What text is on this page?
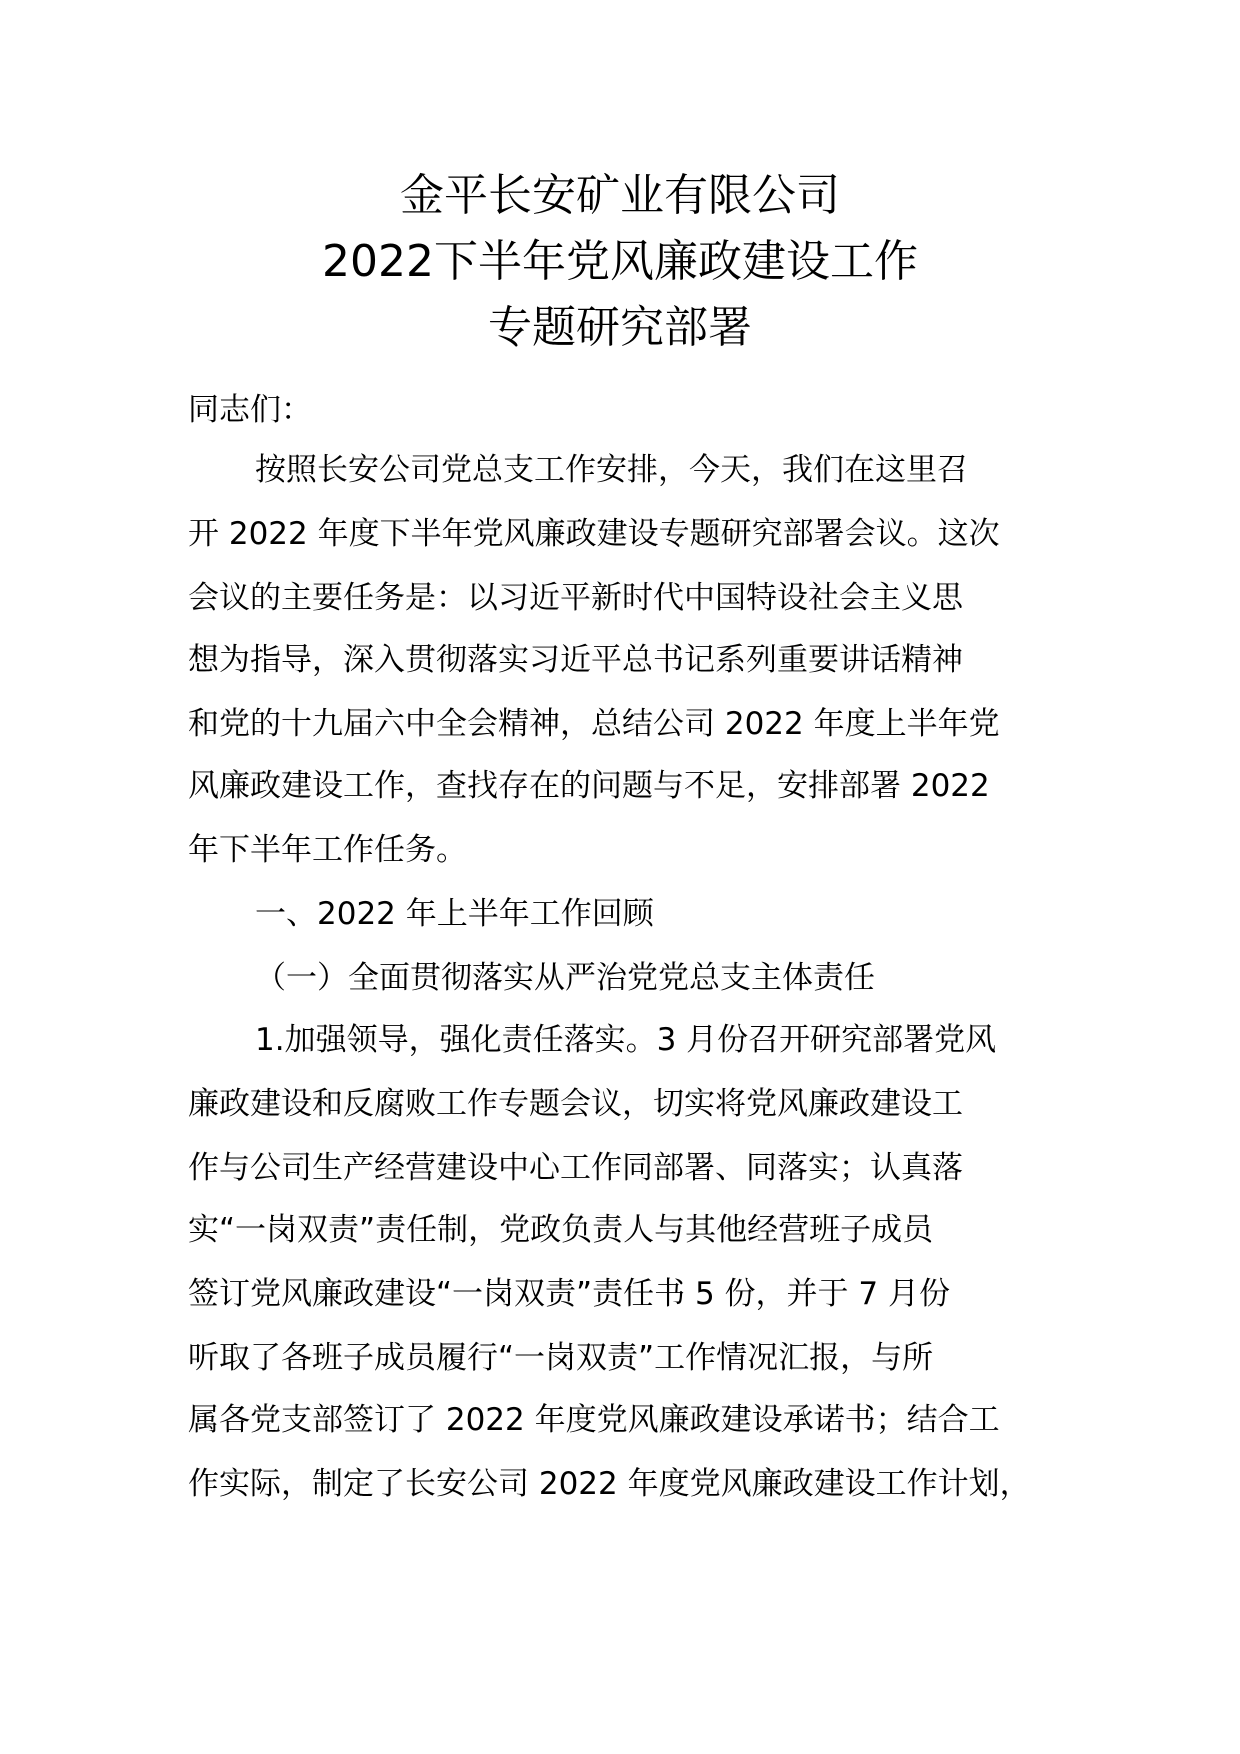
金平长安矿业有限公司
2022下半年党风廉政建设工作
专题研究部署
同志们：
按照长安公司党总支工作安排，今天，我们在这里召
开 2022 年度下半年党风廉政建设专题研究部署会议。这次
会议的主要任务是：以习近平新时代中国特设社会主义思
想为指导，深入贯彻落实习近平总书记系列重要讲话精神
和党的十九届六中全会精神，总结公司 2022 年度上半年党
风廉政建设工作，查找存在的问题与不足，安排部署 2022
年下半年工作任务。
一、2022 年上半年工作回顾
（一）全面贯彻落实从严治党党总支主体责任
1.加强领导，强化责任落实。3 月份召开研究部署党风
廉政建设和反腐败工作专题会议，切实将党风廉政建设工
作与公司生产经营建设中心工作同部署、同落实；认真落
实“一岗双责”责任制，党政负责人与其他经营班子成员
签订党风廉政建设“一岗双责”责任书 5 份，并于 7 月份
听取了各班子成员履行“一岗双责”工作情况汇报，与所
属各党支部签订了 2022 年度党风廉政建设承诺书；结合工
作实际，制定了长安公司 2022 年度党风廉政建设工作计划，
